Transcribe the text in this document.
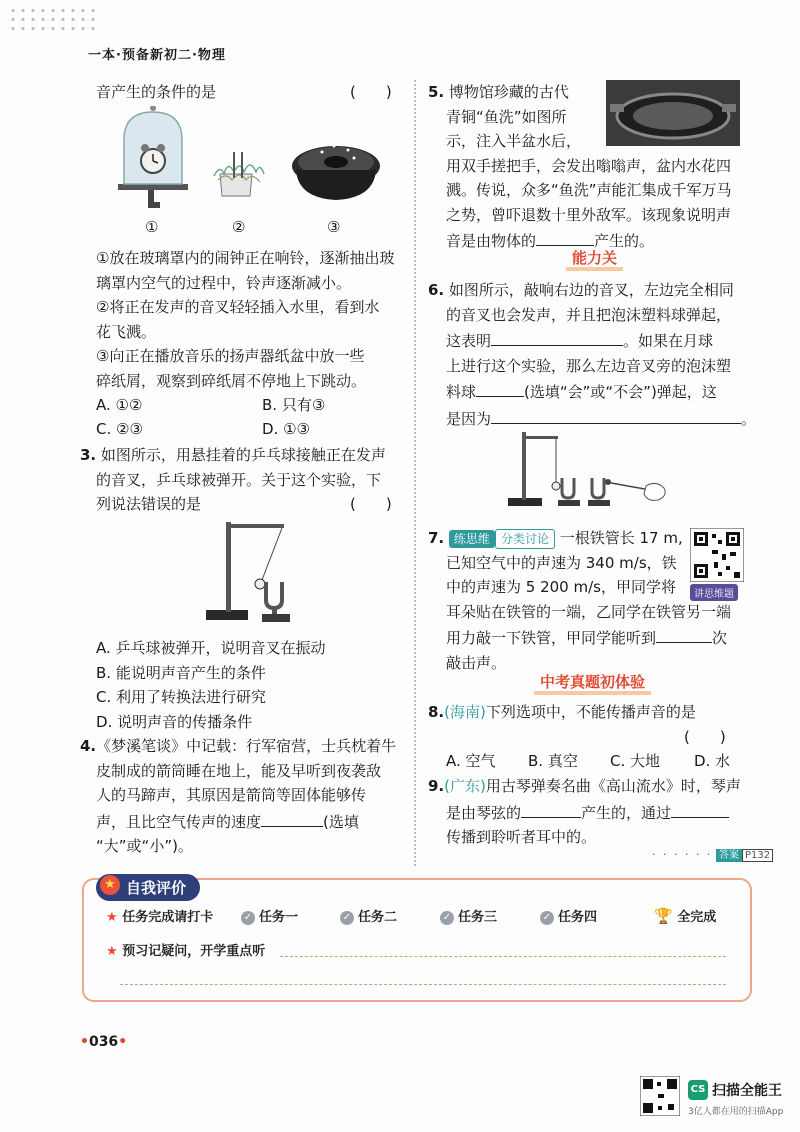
一本·预备新初二·物理
音产生的条件的是	(　　)
①	②	③
①放在玻璃罩内的闹钟正在响铃，逐渐抽出玻
璃罩内空气的过程中，铃声逐渐减小。
②将正在发声的音叉轻轻插入水里，看到水
花飞溅。
③向正在播放音乐的扬声器纸盆中放一些
碎纸屑，观察到碎纸屑不停地上下跳动。
A. ①②	B. 只有③
C. ②③	D. ①③
3. 如图所示，用悬挂着的乒乓球接触正在发声
的音叉，乒乓球被弹开。关于这个实验，下
列说法错误的是	(　　)
A. 乒乓球被弹开，说明音叉在振动
B. 能说明声音产生的条件
C. 利用了转换法进行研究
D. 说明声音的传播条件
4.《梦溪笔谈》中记载：行军宿营，士兵枕着牛
皮制成的箭筒睡在地上，能及早听到夜袭敌
人的马蹄声，其原因是箭筒等固体能够传
声，且比空气传声的速度	(选填
“大”或“小”)。
5. 博物馆珍藏的古代
青铜“鱼洗”如图所
示，注入半盆水后，
用双手搓把手，会发出嗡嗡声，盆内水花四
溅。传说，众多“鱼洗”声能汇集成千军万马
之势，曾吓退数十里外敌军。该现象说明声
音是由物体的	产生的。
能力关
6. 如图所示，敲响右边的音叉，左边完全相同
的音叉也会发声，并且把泡沫塑料球弹起，
这表明	。如果在月球
上进行这个实验，那么左边音叉旁的泡沫塑
料球	(选填“会”或“不会”)弹起，这
是因为	。
7. 练思维 分类讨论 一根铁管长 17 m,
已知空气中的声速为 340 m/s，铁
中的声速为 5 200 m/s，甲同学将
耳朵贴在铁管的一端，乙同学在铁管另一端
用力敲一下铁管，甲同学能听到	次
敲击声。
讲思维题
中考真题初体验
8.(海南)下列选项中，不能传播声音的是
(　　)
A. 空气 B. 真空 C. 大地 D. 水
9.(广东)用古琴弹奏名曲《高山流水》时，琴声
是由琴弦的	产生的，通过
传播到聆听者耳中的。
· · · · · · 答案 P132
★ 自我评价
★ 任务完成请打卡	✓ 任务一	✓ 任务二	✓ 任务三	✓ 任务四	🏆 全完成
★ 预习记疑问，开学重点听
•036•
CS 扫描全能王
3亿人都在用的扫描App
